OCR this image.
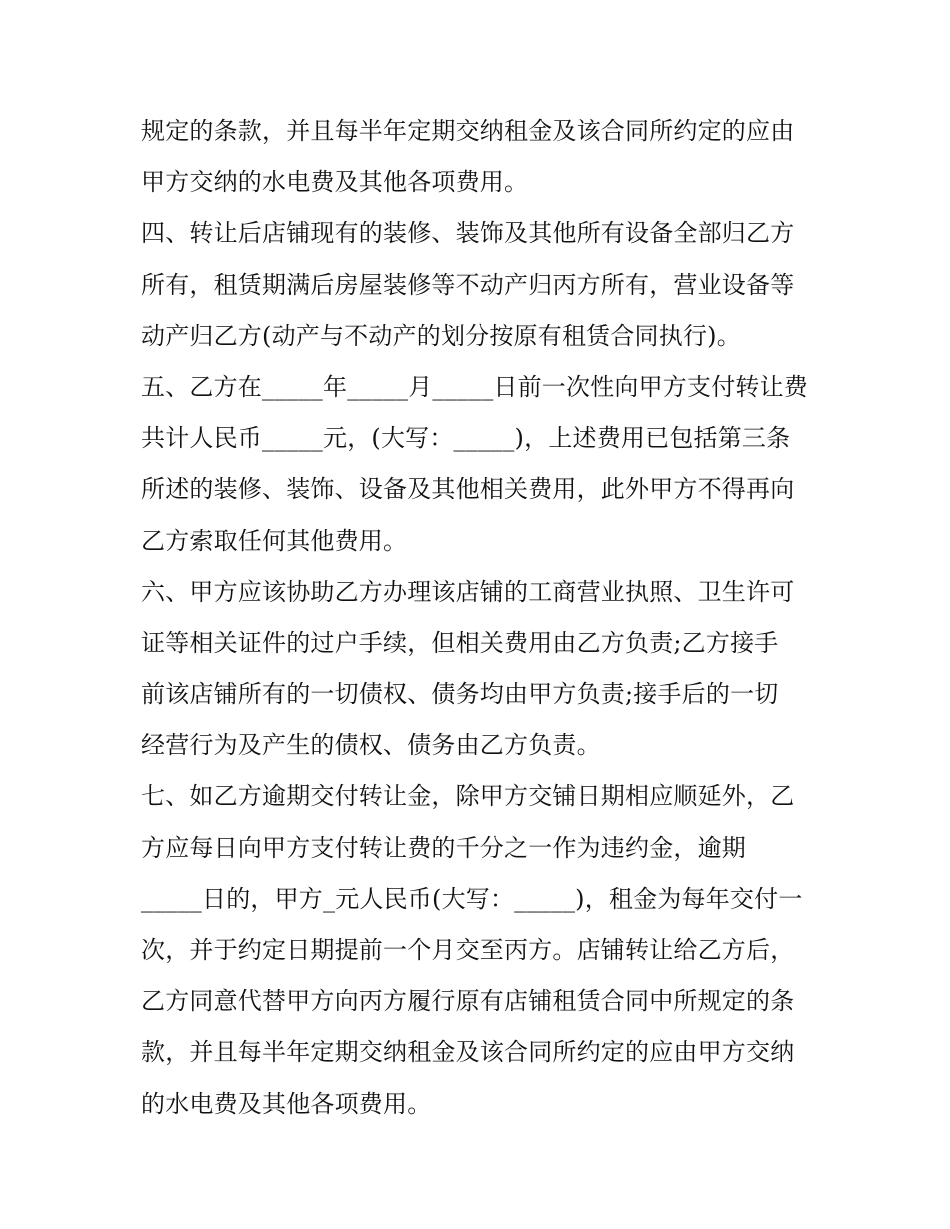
规定的条款，并且每半年定期交纳租金及该合同所约定的应由
甲方交纳的水电费及其他各项费用。
四、转让后店铺现有的装修、装饰及其他所有设备全部归乙方
所有，租赁期满后房屋装修等不动产归丙方所有，营业设备等
动产归乙方(动产与不动产的划分按原有租赁合同执行)。
五、乙方在_____年_____月_____日前一次性向甲方支付转让费
共计人民币_____元，(大写：_____)，上述费用已包括第三条
所述的装修、装饰、设备及其他相关费用，此外甲方不得再向
乙方索取任何其他费用。
六、甲方应该协助乙方办理该店铺的工商营业执照、卫生许可
证等相关证件的过户手续，但相关费用由乙方负责;乙方接手
前该店铺所有的一切债权、债务均由甲方负责;接手后的一切
经营行为及产生的债权、债务由乙方负责。
七、如乙方逾期交付转让金，除甲方交铺日期相应顺延外，乙
方应每日向甲方支付转让费的千分之一作为违约金，逾期
_____日的，甲方_元人民币(大写：_____)，租金为每年交付一
次，并于约定日期提前一个月交至丙方。店铺转让给乙方后，
乙方同意代替甲方向丙方履行原有店铺租赁合同中所规定的条
款，并且每半年定期交纳租金及该合同所约定的应由甲方交纳
的水电费及其他各项费用。
